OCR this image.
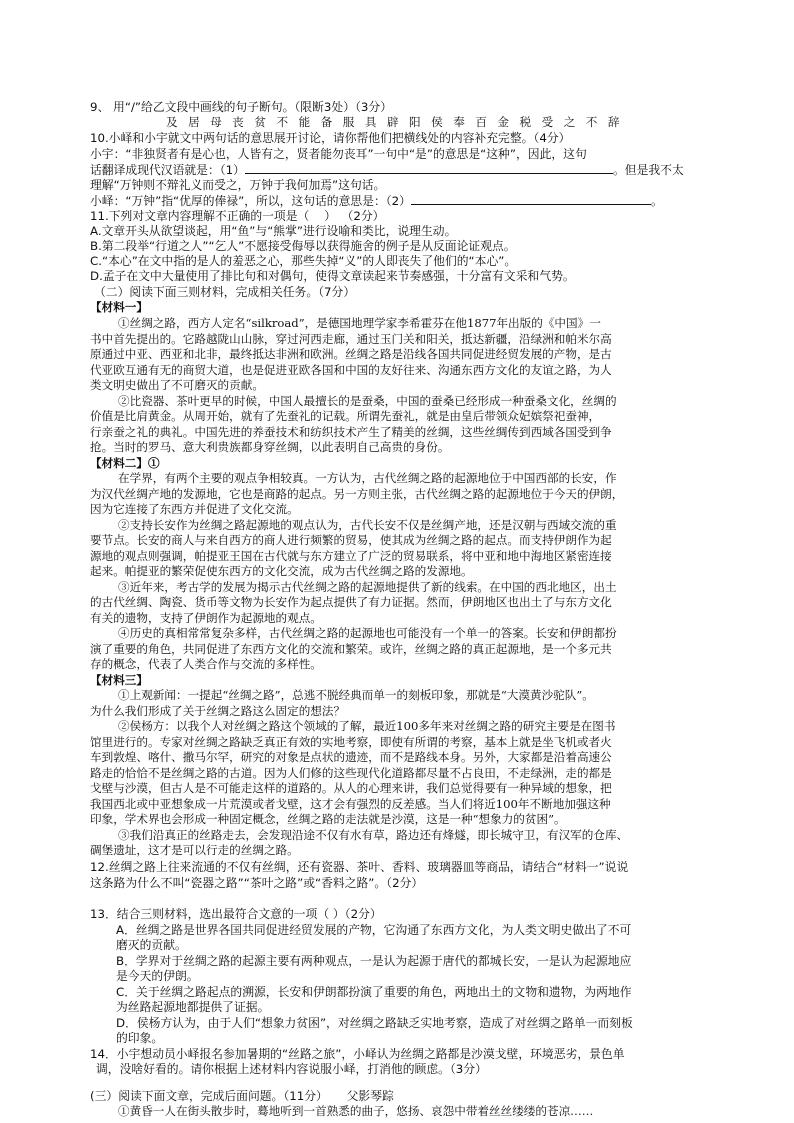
9、 用“/”给乙文段中画线的句子断句。（限断3处）（3分）
及居母丧贫不能备服具辟阳侯奉百金税受之不辞
10.小峄和小宇就文中两句话的意思展开讨论，请你帮他们把横线处的内容补充完整。（4分）
小宇：“非独贤者有是心也，人皆有之，贤者能勿丧耳”一句中“是”的意思是“这种”，因此，这句
话翻译成现代汉语就是：（1）	。但是我不太
理解“万钟则不辩礼义而受之，万钟于我何加焉”这句话。
小峄：“万钟”指“优厚的俸禄”，所以，这句话的意思是：（2）	。
11.下列对文章内容理解不正确的一项是（    ） （2分）
A.文章开头从欲望谈起，用“鱼”与“熊掌”进行设喻和类比，说理生动。
B.第二段举“行道之人”“乞人”不愿接受侮辱以获得施舍的例子是从反面论证观点。
C.“本心”在文中指的是人的羞恶之心，那些失掉“义”的人即丧失了他们的“本心”。
D.孟子在文中大量使用了排比句和对偶句，使得文章读起来节奏感强，十分富有文采和气势。
（二）阅读下面三则材料，完成相关任务。（7分）
【材料一】
①丝绸之路，西方人定名“silkroad”，是德国地理学家李希霍芬在他1877年出版的《中国》一
书中首先提出的。它路越陇山山脉，穿过河西走廊，通过玉门关和阳关，抵达新疆，沿绿洲和帕米尔高
原通过中亚、西亚和北非，最终抵达非洲和欧洲。丝绸之路是沿线各国共同促进经贸发展的产物，是古
代亚欧互通有无的商贸大道，也是促进亚欧各国和中国的友好往来、沟通东西方文化的友谊之路，为人
类文明史做出了不可磨灭的贡献。
②比瓷器、茶叶更早的时候，中国人最擅长的是蚕桑，中国的蚕桑已经形成一种蚕桑文化，丝绸的
价值是比肩黄金。从周开始，就有了先蚕礼的记载。所谓先蚕礼，就是由皇后带领众妃嫔祭祀蚕神，
行亲蚕之礼的典礼。中国先进的养蚕技术和纺织技术产生了精美的丝绸，这些丝绸传到西域各国受到争
抢。当时的罗马、意大利贵族都身穿丝绸，以此表明自己高贵的身份。
【材料二】①
在学界，有两个主要的观点争相较真。一方认为，古代丝绸之路的起源地位于中国西部的长安，作
为汉代丝绸产地的发源地，它也是商路的起点。另一方则主张，古代丝绸之路的起源地位于今天的伊朗，
因为它连接了东西方并促进了文化交流。
②支持长安作为丝绸之路起源地的观点认为，古代长安不仅是丝绸产地，还是汉朝与西域交流的重
要节点。长安的商人与来自西方的商人进行频繁的贸易，使其成为丝绸之路的起点。而支持伊朗作为起
源地的观点则强调，帕提亚王国在古代就与东方建立了广泛的贸易联系，将中亚和地中海地区紧密连接
起来。帕提亚的繁荣促使东西方的文化交流，成为古代丝绸之路的发源地。
③近年来，考古学的发展为揭示古代丝绸之路的起源地提供了新的线索。在中国的西北地区，出土
的古代丝绸、陶瓷、货币等文物为长安作为起点提供了有力证据。然而，伊朗地区也出土了与东方文化
有关的遗物，支持了伊朗作为起源地的观点。
④历史的真相常常复杂多样，古代丝绸之路的起源地也可能没有一个单一的答案。长安和伊朗都扮
演了重要的角色，共同促进了东西方文化的交流和繁荣。或许，丝绸之路的真正起源地，是一个多元共
存的概念，代表了人类合作与交流的多样性。
【材料三】
①上观新闻：一提起“丝绸之路”，总逃不脱经典而单一的刻板印象，那就是“大漠黄沙驼队”。
为什么我们形成了关于丝绸之路这么固定的想法？
②侯杨方：以我个人对丝绸之路这个领域的了解，最近100多年来对丝绸之路的研究主要是在图书
馆里进行的。专家对丝绸之路缺乏真正有效的实地考察，即使有所谓的考察，基本上就是坐飞机或者火
车到敦煌、喀什、撒马尔罕，研究的对象是点状的遗迹，而不是路线本身。另外，大家都是沿着高速公
路走的恰恰不是丝绸之路的古道。因为人们修的这些现代化道路都尽量不占良田，不走绿洲，走的都是
戈壁与沙漠，但古人是不可能走这样的道路的。从人的心理来讲，我们总觉得要有一种异域的想象，把
我国西北或中亚想象成一片荒漠或者戈壁，这才会有强烈的反差感。当人们将近100年不断地加强这种
印象，学术界也会形成一种固定概念，丝绸之路的走法就是沙漠，这是一种“想象力的贫困”。
③我们沿真正的丝路走去，会发现沿途不仅有水有草，路边还有烽燧，即长城守卫，有汉军的仓库、
碉堡遗址，这才是可以行走的丝绸之路。
12.丝绸之路上往来流通的不仅有丝绸，还有瓷器、茶叶、香料、玻璃器皿等商品，请结合“材料一”说说
这条路为什么不叫“瓷器之路”“茶叶之路”或“香料之路”。（2分）
13．结合三则材料，选出最符合文意的一项（ ）（2分）
A．丝绸之路是世界各国共同促进经贸发展的产物，它沟通了东西方文化，为人类文明史做出了不可
磨灭的贡献。
B．学界对于丝绸之路的起源主要有两种观点，一是认为起源于唐代的都城长安，一是认为起源地应
是今天的伊朗。
C．关于丝绸之路起点的溯源，长安和伊朗都扮演了重要的角色，两地出土的文物和遗物，为两地作
为丝路起源地都提供了证据。
D．侯杨方认为，由于人们“想象力贫困”，对丝绸之路缺乏实地考察，造成了对丝绸之路单一而刻板
的印象。
14．小宇想动员小峄报名参加暑期的“丝路之旅”，小峄认为丝绸之路都是沙漠戈壁，环境恶劣，景色单
调，没啥好看的。请你根据上述材料内容说服小峄，打消他的顾虑。（3分）
(三）阅读下面文章，完成后面问题。（11分） 父影琴踪
①黄昏一人在街头散步时，蓦地听到一首熟悉的曲子，悠扬、哀怨中带着丝丝缕缕的苍凉……
